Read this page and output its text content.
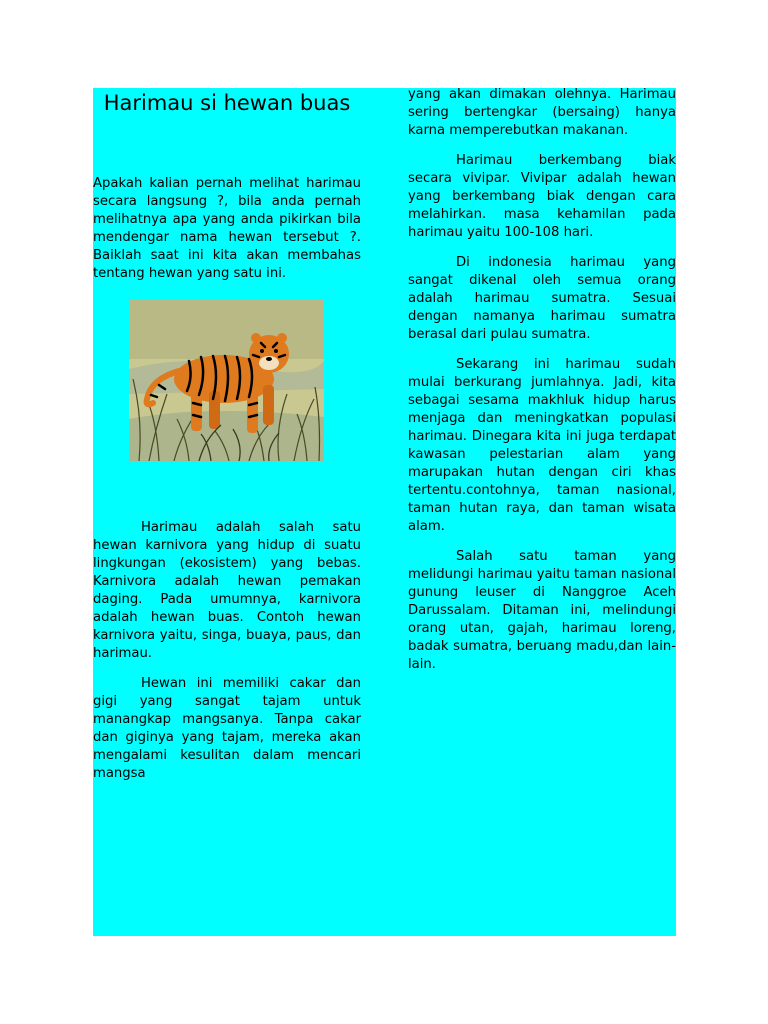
Harimau si hewan buas

Apakah kalian pernah melihat harimau secara langsung ?, bila anda pernah melihatnya apa yang anda pikirkan bila mendengar nama hewan tersebut ?. Baiklah saat ini kita akan membahas tentang hewan yang satu ini.

Harimau adalah salah satu hewan karnivora yang hidup di suatu lingkungan (ekosistem) yang bebas. Karnivora adalah hewan pemakan daging. Pada umumnya, karnivora adalah hewan buas. Contoh hewan karnivora yaitu, singa, buaya, paus, dan harimau.

Hewan ini memiliki cakar dan gigi yang sangat tajam untuk manangkap mangsanya. Tanpa cakar dan giginya yang tajam, mereka akan mengalami kesulitan dalam mencari mangsa

yang akan dimakan olehnya. Harimau sering bertengkar (bersaing) hanya karna memperebutkan makanan.

Harimau berkembang biak secara vivipar. Vivipar adalah hewan yang berkembang biak dengan cara melahirkan. masa kehamilan pada harimau yaitu 100-108 hari.

Di indonesia harimau yang sangat dikenal oleh semua orang adalah harimau sumatra. Sesuai dengan namanya harimau sumatra berasal dari pulau sumatra.

Sekarang ini harimau sudah mulai berkurang jumlahnya. Jadi, kita sebagai sesama makhluk hidup harus menjaga dan meningkatkan populasi harimau. Dinegara kita ini juga terdapat kawasan pelestarian alam yang marupakan hutan dengan ciri khas tertentu.contohnya, taman nasional, taman hutan raya, dan taman wisata alam.

Salah satu taman yang melidungi harimau yaitu taman nasional gunung leuser di Nanggroe Aceh Darussalam. Ditaman ini, melindungi orang utan, gajah, harimau loreng, badak sumatra, beruang madu,dan lain-lain.
